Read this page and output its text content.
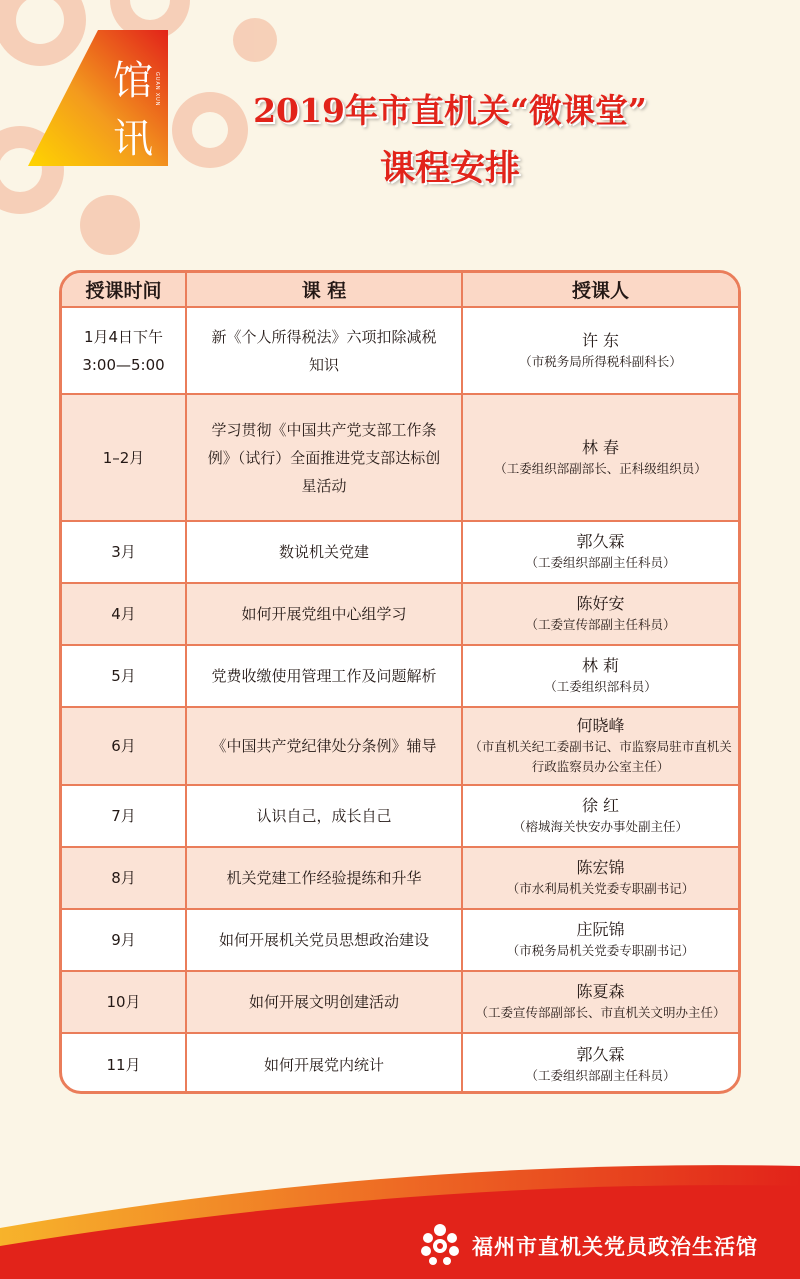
馆
讯
GUAN XUN
2019年市直机关“微课堂”
课程安排
授课时间	课 程	授课人
1月4日下午
3:00—5:00	新《个人所得税法》六项扣除减税知识	许 东
（市税务局所得税科副科长）

1–2月	学习贯彻《中国共产党支部工作条例》（试行）全面推进党支部达标创星活动	林 春
（工委组织部副部长、正科级组织员）

3月	数说机关党建	郭久霖
（工委组织部副主任科员）

4月	如何开展党组中心组学习	陈好安
（工委宣传部副主任科员）

5月	党费收缴使用管理工作及问题解析	林 莉
（工委组织部科员）

6月	《中国共产党纪律处分条例》辅导	何晓峰
（市直机关纪工委副书记、市监察局驻市直机关行政监察员办公室主任）

7月	认识自己，成长自己	徐 红
（榕城海关快安办事处副主任）

8月	机关党建工作经验提练和升华	陈宏锦
（市水利局机关党委专职副书记）

9月	如何开展机关党员思想政治建设	庄阮锦
（市税务局机关党委专职副书记）

10月	如何开展文明创建活动	陈夏森
（工委宣传部副部长、市直机关文明办主任）

11月	如何开展党内统计	郭久霖
（工委组织部副主任科员）
福州市直机关党员政治生活馆
